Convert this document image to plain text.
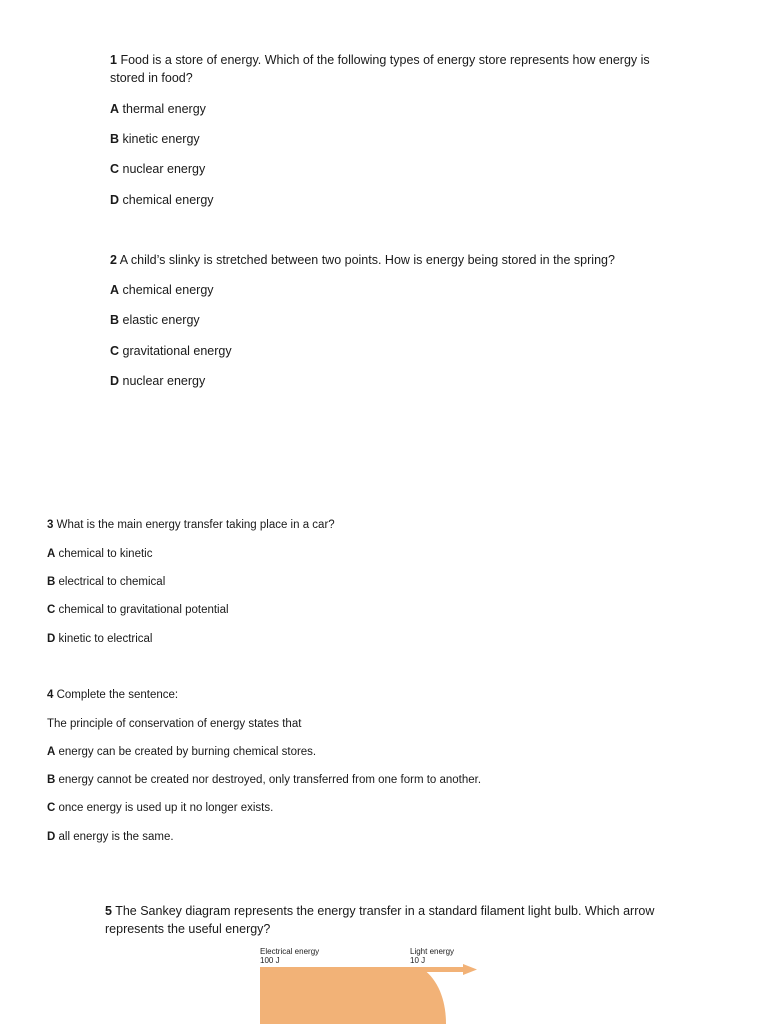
1 Food is a store of energy. Which of the following types of energy store represents how energy is
stored in food?
A thermal energy
B kinetic energy
C nuclear energy
D chemical energy
2 A child’s slinky is stretched between two points. How is energy being stored in the spring?
A chemical energy
B elastic energy
C gravitational energy
D nuclear energy
3 What is the main energy transfer taking place in a car?
A chemical to kinetic
B electrical to chemical
C chemical to gravitational potential
D kinetic to electrical
4 Complete the sentence:
The principle of conservation of energy states that
A energy can be created by burning chemical stores.
B energy cannot be created nor destroyed, only transferred from one form to another.
C once energy is used up it no longer exists.
D all energy is the same.
5 The Sankey diagram represents the energy transfer in a standard filament light bulb. Which arrow
represents the useful energy?
Electrical energy
100 J
Light energy
10 J
